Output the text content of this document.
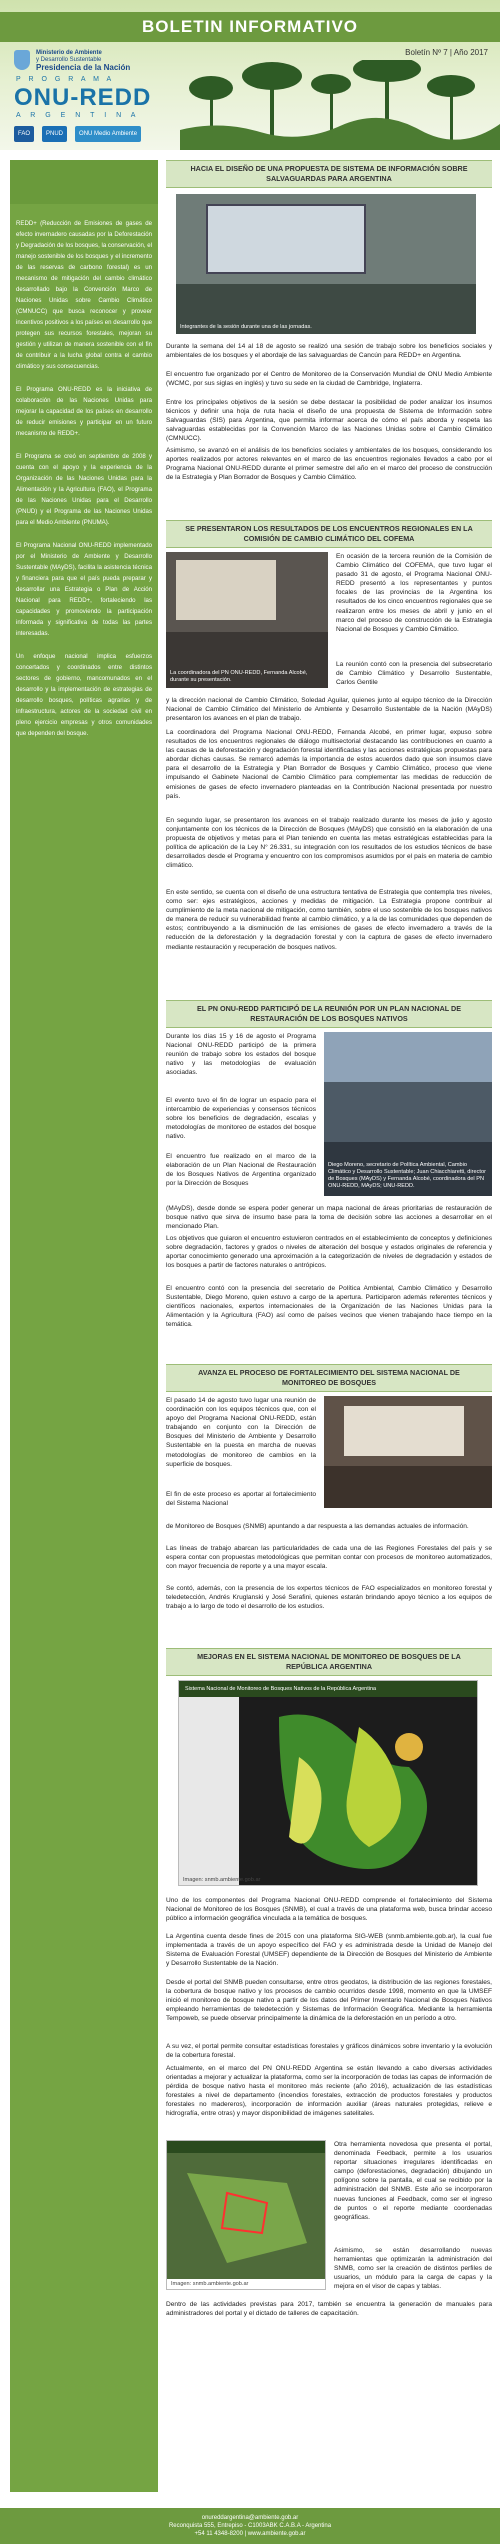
BOLETIN INFORMATIVO
Boletín Nº 7 | Año 2017
Ministerio de Ambiente
y Desarrollo Sustentable
Presidencia de la Nación
P R O G R A M A
ONU-REDD
A R G E N T I N A
FAO	PNUD	ONU Medio Ambiente

REDD+ (Reducción de Emisiones de gases de efecto invernadero causadas por la Deforestación y Degradación de los bosques, la conservación, el manejo sostenible de los bosques y el incremento de las reservas de carbono forestal) es un mecanismo de mitigación del cambio climático desarrollado bajo la Convención Marco de Naciones Unidas sobre Cambio Climático (CMNUCC) que busca reconocer y proveer incentivos positivos a los países en desarrollo que protegen sus recursos forestales, mejoran su gestión y utilizan de manera sostenible con el fin de contribuir a la lucha global contra el cambio climático y sus consecuencias.

El Programa ONU-REDD es la iniciativa de colaboración de las Naciones Unidas para mejorar la capacidad de los países en desarrollo de reducir emisiones y participar en un futuro mecanismo de REDD+.

El Programa se creó en septiembre de 2008 y cuenta con el apoyo y la experiencia de la Organización de las Naciones Unidas para la Alimentación y la Agricultura (FAO), el Programa de las Naciones Unidas para el Desarrollo (PNUD) y el Programa de las Naciones Unidas para el Medio Ambiente (PNUMA).

El Programa Nacional ONU-REDD implementado por el Ministerio de Ambiente y Desarrollo Sustentable (MAyDS), facilita la asistencia técnica y financiera para que el país pueda preparar y desarrollar una Estrategia o Plan de Acción Nacional para REDD+, fortaleciendo las capacidades y promoviendo la participación informada y significativa de todas las partes interesadas.

Un enfoque nacional implica esfuerzos concertados y coordinados entre distintos sectores de gobierno, mancomunados en el desarrollo y la implementación de estrategias de desarrollo bosques, políticas agrarias y de infraestructura, actores de la sociedad civil en pleno ejercicio empresas y otros comunidades que dependen del bosque.

HACIA EL DISEÑO DE UNA PROPUESTA DE SISTEMA DE INFORMACIÓN SOBRE SALVAGUARDAS PARA ARGENTINA
Integrantes de la sesión durante una de las jornadas.
Durante la semana del 14 al 18 de agosto se realizó una sesión de trabajo sobre los beneficios sociales y ambientales de los bosques y el abordaje de las salvaguardas de Cancún para REDD+ en Argentina.
El encuentro fue organizado por el Centro de Monitoreo de la Conservación Mundial de ONU Medio Ambiente (WCMC, por sus siglas en inglés) y tuvo su sede en la ciudad de Cambridge, Inglaterra.
Entre los principales objetivos de la sesión se debe destacar la posibilidad de poder analizar los insumos técnicos y definir una hoja de ruta hacia el diseño de una propuesta de Sistema de Información sobre Salvaguardas (SIS) para Argentina, que permita informar acerca de cómo el país aborda y respeta las salvaguardas establecidas por la Convención Marco de las Naciones Unidas sobre el Cambio Climático (CMNUCC).
Asimismo, se avanzó en el análisis de los beneficios sociales y ambientales de los bosques, considerando los aportes realizados por actores relevantes en el marco de las encuentros regionales llevados a cabo por el Programa Nacional ONU-REDD durante el primer semestre del año en el marco del proceso de construcción de la Estrategia y Plan Borrador de Bosques y Cambio Climático.
SE PRESENTARON LOS RESULTADOS DE LOS ENCUENTROS REGIONALES EN LA COMISIÓN DE CAMBIO CLIMÁTICO DEL COFEMA
La coordinadora del PN ONU-REDD, Fernanda Alcobé, durante su presentación.
En ocasión de la tercera reunión de la Comisión de Cambio Climático del COFEMA, que tuvo lugar el pasado 31 de agosto, el Programa Nacional ONU-REDD presentó a los representantes y puntos focales de las provincias de la Argentina los resultados de los cinco encuentros regionales que se realizaron entre los meses de abril y junio en el marco del proceso de construcción de la Estrategia Nacional de Bosques y Cambio Climático.
La reunión contó con la presencia del subsecretario de Cambio Climático y Desarrollo Sustentable, Carlos Gentile
y la dirección nacional de Cambio Climático, Soledad Aguilar, quienes junto al equipo técnico de la Dirección Nacional de Cambio Climático del Ministerio de Ambiente y Desarrollo Sustentable de la Nación (MAyDS) presentaron los avances en el plan de trabajo.
La coordinadora del Programa Nacional ONU-REDD, Fernanda Alcobé, en primer lugar, expuso sobre resultados de los encuentros regionales de diálogo multisectorial destacando las contribuciones en cuanto a las causas de la deforestación y degradación forestal identificadas y las acciones estratégicas propuestas para abordar dichas causas. Se remarcó además la importancia de estos acuerdos dado que son insumos clave para el desarrollo de la Estrategia y Plan Borrador de Bosques y Cambio Climático, proceso que viene impulsando el Gabinete Nacional de Cambio Climático para complementar las medidas de reducción de emisiones de gases de efecto invernadero planteadas en la Contribución Nacional presentada por nuestro país.
En segundo lugar, se presentaron los avances en el trabajo realizado durante los meses de julio y agosto conjuntamente con los técnicos de la Dirección de Bosques (MAyDS) que consistió en la elaboración de una propuesta de objetivos y metas para el Plan teniendo en cuenta las metas estratégicas establecidas para la política de aplicación de la Ley N° 26.331, su integración con los resultados de los estudios técnicos de base desarrollados desde el Programa y encuentro con los compromisos asumidos por el país en materia de cambio climático.
En este sentido, se cuenta con el diseño de una estructura tentativa de Estrategia que contempla tres niveles, como ser: ejes estratégicos, acciones y medidas de mitigación. La Estrategia propone contribuir al cumplimiento de la meta nacional de mitigación, como también, sobre el uso sostenible de los bosques nativos de manera de reducir su vulnerabilidad frente al cambio climático, y a la de las comunidades que dependen de estos; contribuyendo a la disminución de las emisiones de gases de efecto invernadero a través de la reducción de la deforestación y la degradación forestal y con la captura de gases de efecto invernadero mediante restauración y recuperación de bosques nativos.
EL PN ONU-REDD PARTICIPÓ DE LA REUNIÓN POR UN PLAN NACIONAL DE RESTAURACIÓN DE LOS BOSQUES NATIVOS
Durante los días 15 y 16 de agosto el Programa Nacional ONU-REDD participó de la primera reunión de trabajo sobre los estados del bosque nativo y las metodologías de evaluación asociadas.
El evento tuvo el fin de lograr un espacio para el intercambio de experiencias y consensos técnicos sobre los beneficios de degradación, escalas y metodologías de monitoreo de estados del bosque nativo.
El encuentro fue realizado en el marco de la elaboración de un Plan Nacional de Restauración de los Bosques Nativos de Argentina organizado por la Dirección de Bosques
Diego Moreno, secretario de Política Ambiental, Cambio Climático y Desarrollo Sustentable; Juan Chiacchiaretti, director de Bosques (MAyDS) y Fernanda Alcobé, coordinadora del PN ONU-REDD, MAyDS; UNU-REDD.
(MAyDS), desde donde se espera poder generar un mapa nacional de áreas prioritarias de restauración de bosque nativo que sirva de insumo base para la toma de decisión sobre las acciones a desarrollar en el mencionado Plan.
Los objetivos que guiaron el encuentro estuvieron centrados en el establecimiento de conceptos y definiciones sobre degradación, factores y grados o niveles de alteración del bosque y estados originales de referencia y aportar conocimiento generado una aproximación a la categorización de niveles de degradación y estados de los bosques a partir de factores naturales o antrópicos.
El encuentro contó con la presencia del secretario de Política Ambiental, Cambio Climático y Desarrollo Sustentable, Diego Moreno, quien estuvo a cargo de la apertura. Participaron además referentes técnicos y científicos nacionales, expertos internacionales de la Organización de las Naciones Unidas para la Alimentación y la Agricultura (FAO) así como de países vecinos que vienen trabajando hace tiempo en la temática.
AVANZA EL PROCESO DE FORTALECIMIENTO DEL SISTEMA NACIONAL DE MONITOREO DE BOSQUES
El pasado 14 de agosto tuvo lugar una reunión de coordinación con los equipos técnicos que, con el apoyo del Programa Nacional ONU-REDD, están trabajando en conjunto con la Dirección de Bosques del Ministerio de Ambiente y Desarrollo Sustentable en la puesta en marcha de nuevas metodologías de monitoreo de cambios en la superficie de bosques.
El fin de este proceso es aportar al fortalecimiento del Sistema Nacional
de Monitoreo de Bosques (SNMB) apuntando a dar respuesta a las demandas actuales de información.
Las líneas de trabajo abarcan las particularidades de cada una de las Regiones Forestales del país y se espera contar con propuestas metodológicas que permitan contar con procesos de monitoreo automatizados, con mayor frecuencia de reporte y a una mayor escala.
Se contó, además, con la presencia de los expertos técnicos de FAO especializados en monitoreo forestal y teledetección, Andrés Kruglanski y José Serafini, quienes estarán brindando apoyo técnico a los equipos de trabajo a lo largo de todo el desarrollo de los estudios.
MEJORAS EN EL SISTEMA NACIONAL DE MONITOREO DE BOSQUES DE LA REPÚBLICA ARGENTINA
Sistema Nacional de Monitoreo de Bosques Nativos de la República Argentina
Imagen: snmb.ambiente.gob.ar
Uno de los componentes del Programa Nacional ONU-REDD comprende el fortalecimiento del Sistema Nacional de Monitoreo de los Bosques (SNMB), el cual a través de una plataforma web, busca brindar acceso público a información geográfica vinculada a la temática de bosques.
La Argentina cuenta desde fines de 2015 con una plataforma SIG-WEB (snmb.ambiente.gob.ar), la cual fue implementada a través de un apoyo específico del FAO y es administrada desde la Unidad de Manejo del Sistema de Evaluación Forestal (UMSEF) dependiente de la Dirección de Bosques del Ministerio de Ambiente y Desarrollo Sustentable de la Nación.
Desde el portal del SNMB pueden consultarse, entre otros geodatos, la distribución de las regiones forestales, la cobertura de bosque nativo y los procesos de cambio ocurridos desde 1998, momento en que la UMSEF inició el monitoreo de bosque nativo a partir de los datos del Primer Inventario Nacional de Bosques Nativos empleando herramientas de teledetección y Sistemas de Información Geográfica. Mediante la herramienta Tempoweb, se puede observar principalmente la dinámica de la deforestación en un período a otro.
A su vez, el portal permite consultar estadísticas forestales y gráficos dinámicos sobre inventario y la evolución de la cobertura forestal.
Actualmente, en el marco del PN ONU-REDD Argentina se están llevando a cabo diversas actividades orientadas a mejorar y actualizar la plataforma, como ser la incorporación de todas las capas de información de pérdida de bosque nativo hasta el monitoreo más reciente (año 2016), actualización de las estadísticas forestales a nivel de departamento (incendios forestales, extracción de productos forestales y productos forestales no madereros), incorporación de información auxiliar (áreas naturales protegidas, relieve e hidrografía, entre otras) y mayor disponibilidad de imágenes satelitales.
Imagen: snmb.ambiente.gob.ar
Otra herramienta novedosa que presenta el portal, denominada Feedback, permite a los usuarios reportar situaciones irregulares identificadas en campo (deforestaciones, degradación) dibujando un polígono sobre la pantalla, el cual se recibido por la administración del SNMB. Este año se incorporaron nuevas funciones al Feedback, como ser el ingreso de puntos o el reporte mediante coordenadas geográficas.
Asimismo, se están desarrollando nuevas herramientas que optimizarán la administración del SNMB, como ser la creación de distintos perfiles de usuarios, un módulo para la carga de capas y la mejora en el visor de capas y tablas.
Dentro de las actividades previstas para 2017, también se encuentra la generación de manuales para administradores del portal y el dictado de talleres de capacitación.
onureddargentina@ambiente.gob.ar
Reconquista 555, Entrepiso - C1003ABK C.A.B.A - Argentina
+54 11 4348-8200 | www.ambiente.gob.ar
